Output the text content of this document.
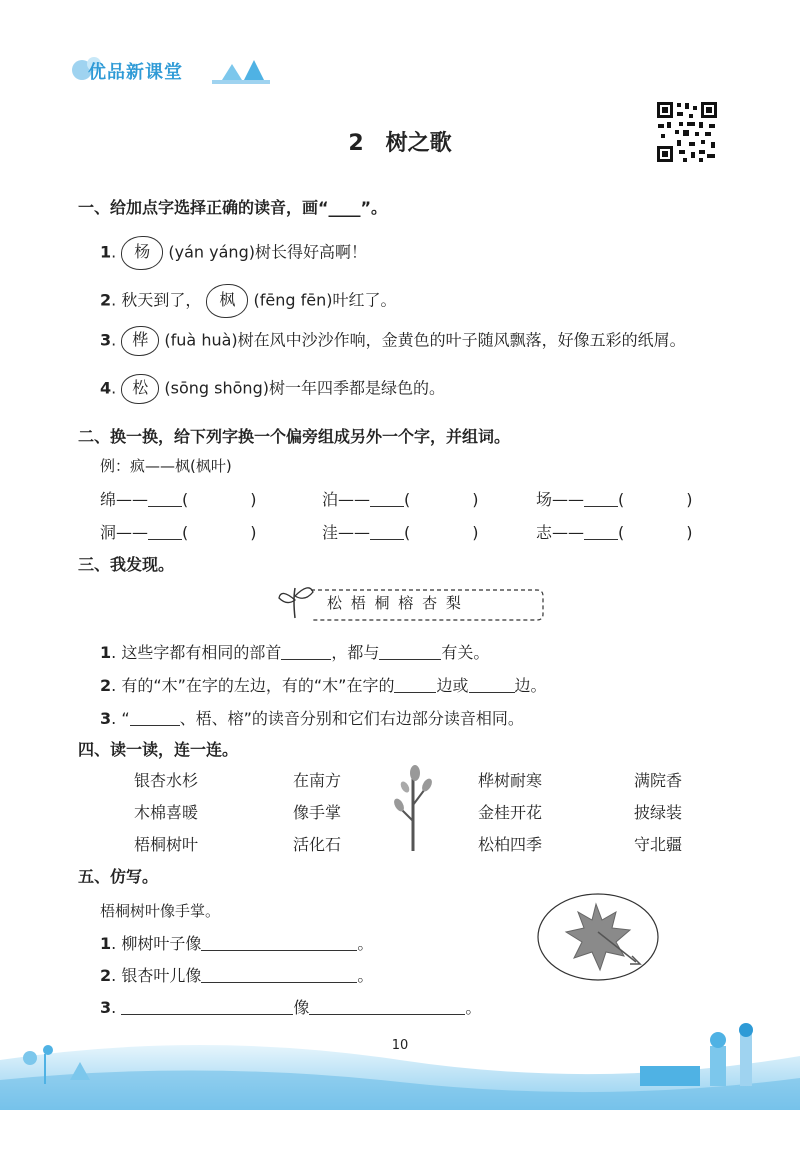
优品新课堂
2 树之歌
一、给加点字选择正确的读音，画“____”。
1. 杨 (yán yáng)树长得好高啊！
2. 秋天到了， 枫 (fēng fēn)叶红了。
3. 桦 (fuà huà)树在风中沙沙作响，金黄色的叶子随风飘落，好像五彩的纸屑。
4. 松 (sōng shōng)树一年四季都是绿色的。
二、换一换，给下列字换一个偏旁组成另外一个字，并组词。
例：疯——枫(枫叶)
绵—— (	)	泊—— (	)	场—— (	)
洞—— (	)	洼—— (	)	志—— (	)
三、我发现。
松 梧 桐 榕 杏 梨
1. 这些字都有相同的部首	，都与	有关。
2. 有的“木”在字的左边，有的“木”在字的	边或	边。
3. “	、梧、榕”的读音分别和它们右边部分读音相同。
四、读一读，连一连。
银杏水杉
木棉喜暖
梧桐树叶
在南方
像手掌
活化石
桦树耐寒
金桂开花
松柏四季
满院香
披绿装
守北疆
五、仿写。
梧桐树叶像手掌。
1. 柳树叶子像	。
2. 银杏叶儿像	。
3.	像	。
10
